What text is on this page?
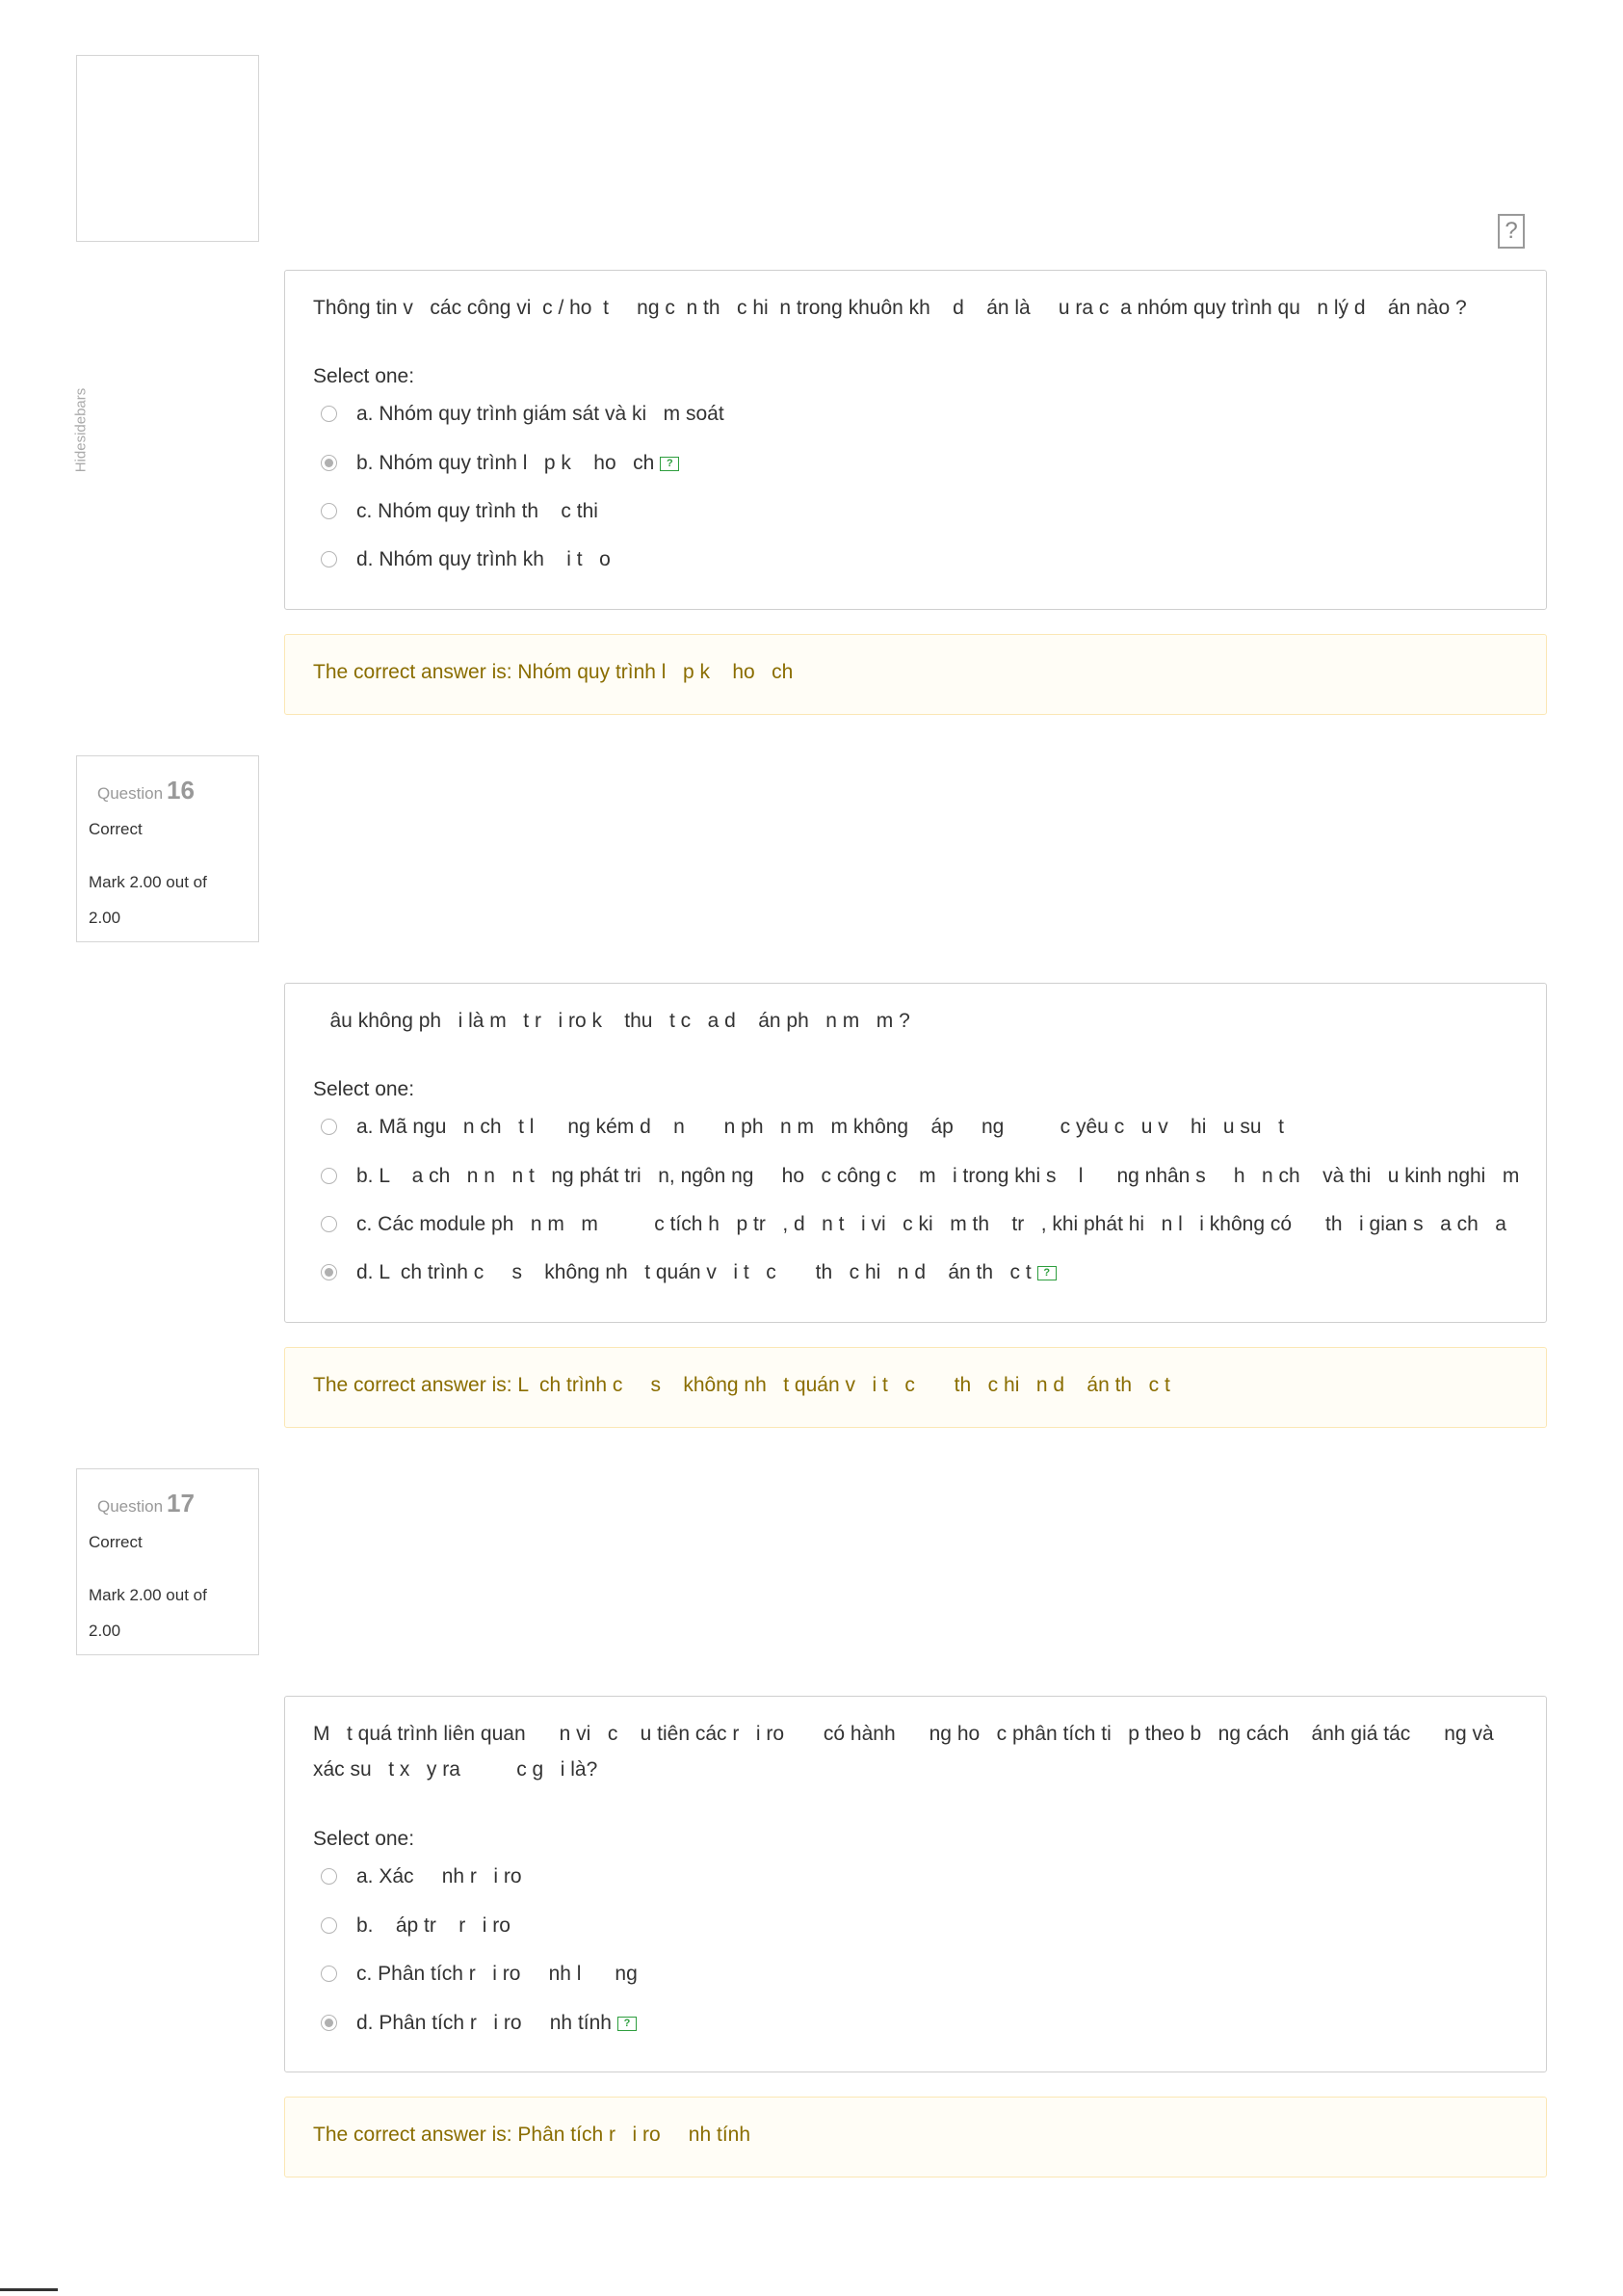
Hidesidebars
?
Thông tin v   các công vi  c / ho  t     ng c  n th   c hi  n trong khuôn kh    d    án là     u ra c  a nhóm quy trình qu   n lý d    án nào ?
Select one:

a. Nhóm quy trình giám sát và ki   m soát

b. Nhóm quy trình l   p k    ho   ch ?

c. Nhóm quy trình th    c thi

d. Nhóm quy trình kh    i t   o

The correct answer is: Nhóm quy trình l   p k    ho   ch
Question 16
Correct
Mark 2.00 out of 2.00
âu không ph   i là m   t r   i ro k    thu   t c   a d    án ph   n m   m ?
Select one:

a. Mã ngu   n ch   t l      ng kém d    n       n ph   n m   m không    áp     ng          c yêu c   u v    hi   u su   t

b. L    a ch   n n   n t   ng phát tri   n, ngôn ng     ho   c công c    m   i trong khi s    l      ng nhân s     h   n ch    và thi   u kinh nghi   m

c. Các module ph   n m   m          c tích h   p tr   , d   n t   i vi   c ki   m th    tr   , khi phát hi   n l   i không có      th   i gian s   a ch   a

d. L  ch trình c     s    không nh   t quán v   i t   c       th   c hi   n d    án th   c t ?

The correct answer is: L  ch trình c     s    không nh   t quán v   i t   c       th   c hi   n d    án th   c t
Question 17
Correct
Mark 2.00 out of 2.00
M   t quá trình liên quan      n vi   c    u tiên các r   i ro       có hành      ng ho   c phân tích ti   p theo b   ng cách    ánh giá tác      ng và
xác su   t x   y ra          c g   i là?
Select one:

a. Xác     nh r   i ro

b.    áp tr    r   i ro

c. Phân tích r   i ro     nh l      ng

d. Phân tích r   i ro     nh tính ?

The correct answer is: Phân tích r   i ro     nh tính
